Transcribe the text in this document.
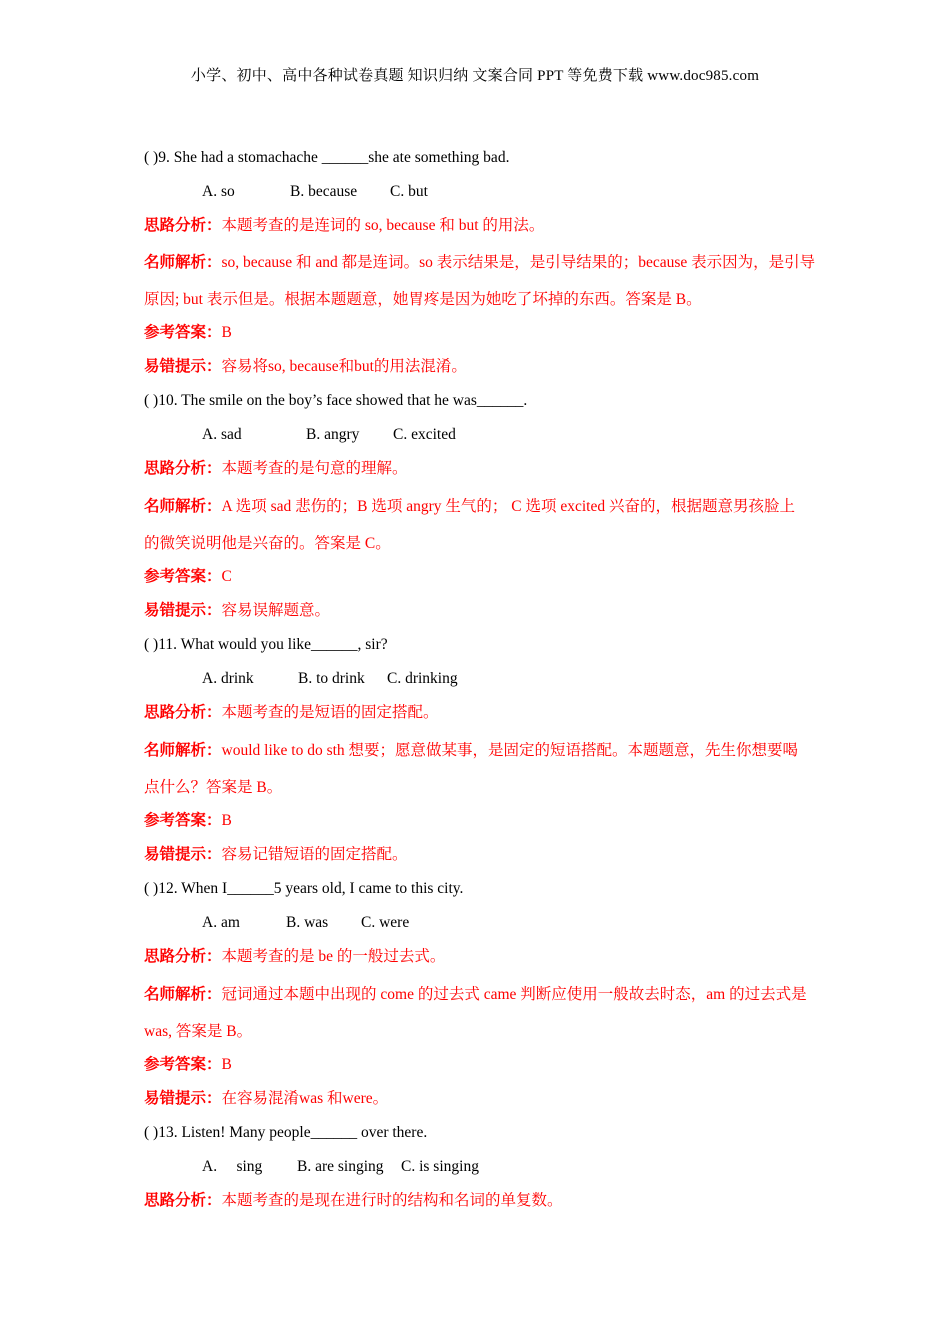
小学、初中、高中各种试卷真题 知识归纳 文案合同 PPT 等免费下载 www.doc985.com
( )9. She had a stomachache ______she ate something bad.
A. so	B. because C. but
思路分析：本题考查的是连词的 so, because 和 but 的用法。
名师解析：so, because 和 and 都是连词。so 表示结果是，是引导结果的；because 表示因为，是引导原因; but 表示但是。根据本题题意，她胃疼是因为她吃了坏掉的东西。答案是 B。
参考答案：B
易错提示：容易将so, because和but的用法混淆。
( )10. The smile on the boy’s face showed that he was______.
A. sad	B. angry C. excited
思路分析：本题考查的是句意的理解。
名师解析：A 选项 sad 悲伤的；B 选项 angry 生气的； C 选项 excited 兴奋的，根据题意男孩脸上的微笑说明他是兴奋的。答案是 C。
参考答案：C
易错提示：容易误解题意。
( )11. What would you like______, sir?
A. drink	B. to drink C. drinking
思路分析：本题考查的是短语的固定搭配。
名师解析：would like to do sth 想要；愿意做某事，是固定的短语搭配。本题题意，先生你想要喝点什么？答案是 B。
参考答案：B
易错提示：容易记错短语的固定搭配。
( )12. When I______5 years old, I came to this city.
A. am	B. was C. were
思路分析：本题考查的是 be 的一般过去式。
名师解析：冠词通过本题中出现的 come 的过去式 came 判断应使用一般故去时态，am 的过去式是 was, 答案是 B。
参考答案：B
易错提示：在容易混淆was 和were。
( )13. Listen! Many people______ over there.
A.     sing B. are singing C. is singing
思路分析：本题考查的是现在进行时的结构和名词的单复数。
